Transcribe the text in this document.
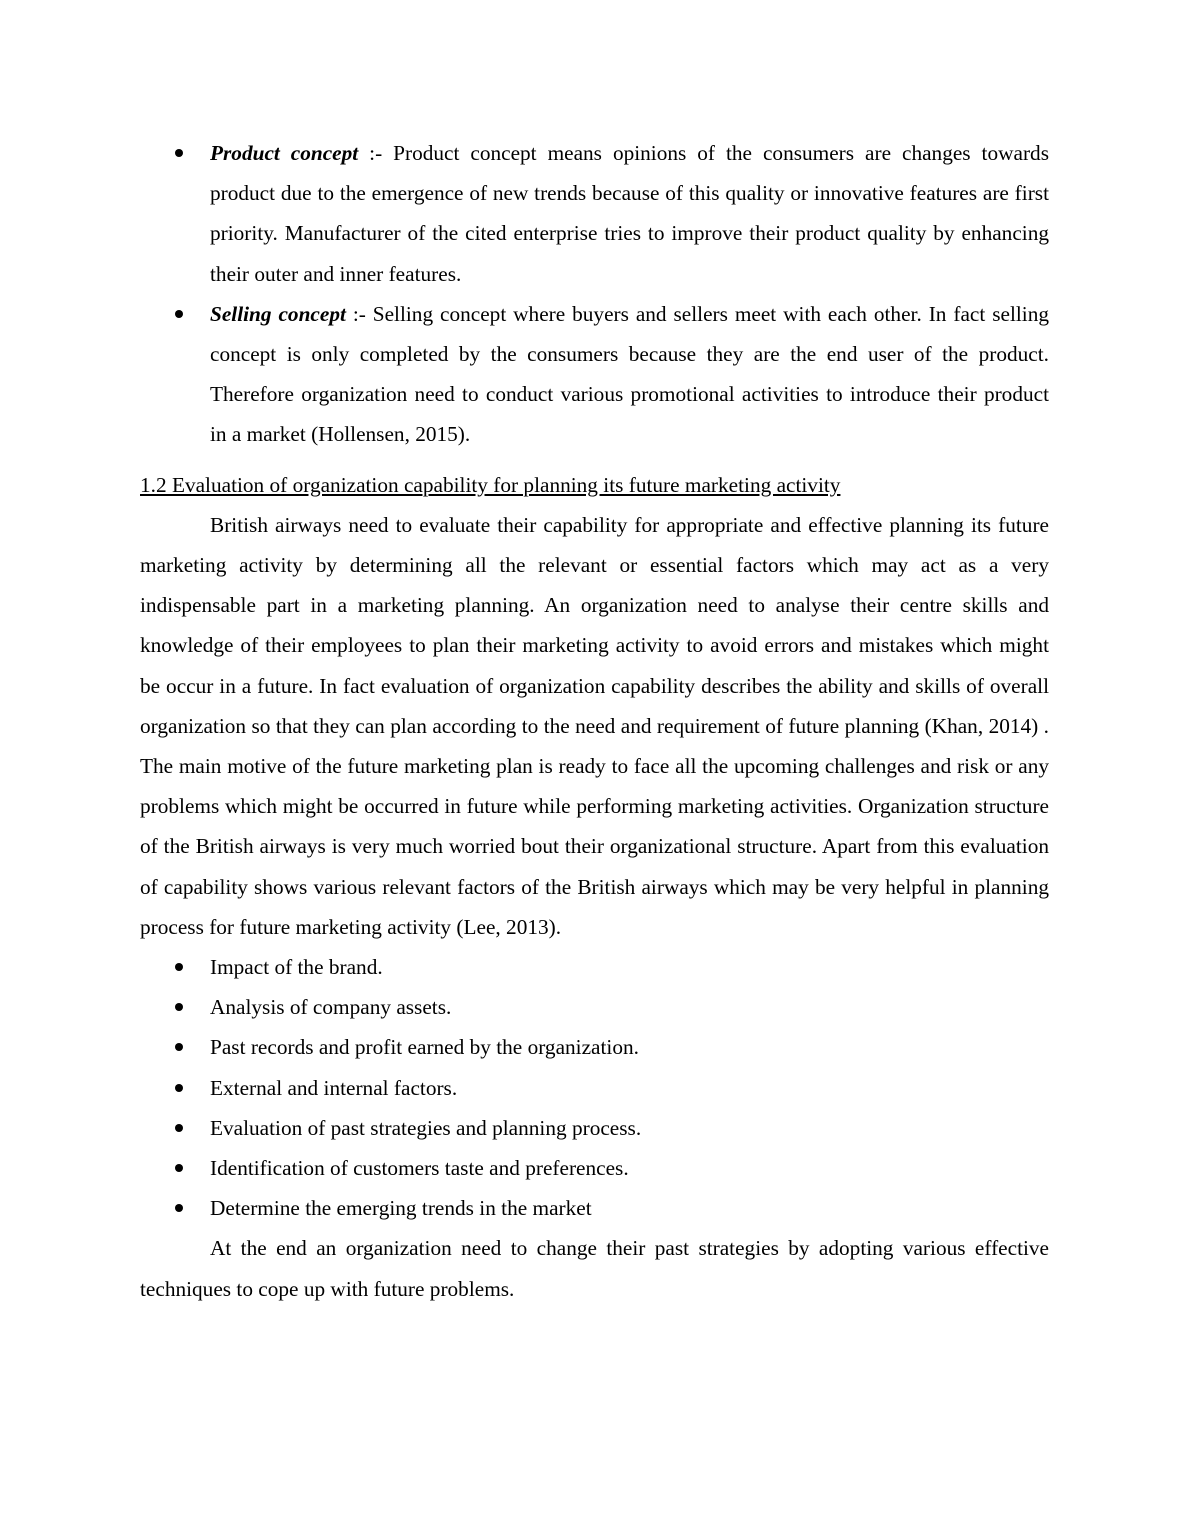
Product concept :- Product concept means opinions of the consumers are changes towards product due to the emergence of new trends because of this quality or innovative features are first priority. Manufacturer of the cited enterprise tries to improve their product quality by enhancing their outer and inner features.
Selling concept :- Selling concept where buyers and sellers meet with each other. In fact selling concept is only completed by the consumers because they are the end user of the product. Therefore organization need to conduct various promotional activities to introduce their product in a market (Hollensen, 2015).

1.2 Evaluation of organization capability for planning its future marketing activity

British airways need to evaluate their capability for appropriate and effective planning its future marketing activity by determining all the relevant or essential factors which may act as a very indispensable part in a marketing planning. An organization need to analyse their centre skills and knowledge of their employees to plan their marketing activity to avoid errors and mistakes which might be occur in a future. In fact evaluation of organization capability describes the ability and skills of overall organization so that they can plan according to the need and requirement of future planning (Khan, 2014) . The main motive of the future marketing plan is ready to face all the upcoming challenges and risk or any problems which might be occurred in future while performing marketing activities. Organization structure of the British airways is very much worried bout their organizational structure. Apart from this evaluation of capability shows various relevant factors of the British airways which may be very helpful in planning process for future marketing activity (Lee, 2013).

Impact of the brand.
Analysis of company assets.
Past records and profit earned by the organization.
External and internal factors.
Evaluation of past strategies and planning process.
Identification of customers taste and preferences.
Determine the emerging trends in the market

At the end an organization need to change their past strategies by adopting various effective techniques to cope up with future problems.
